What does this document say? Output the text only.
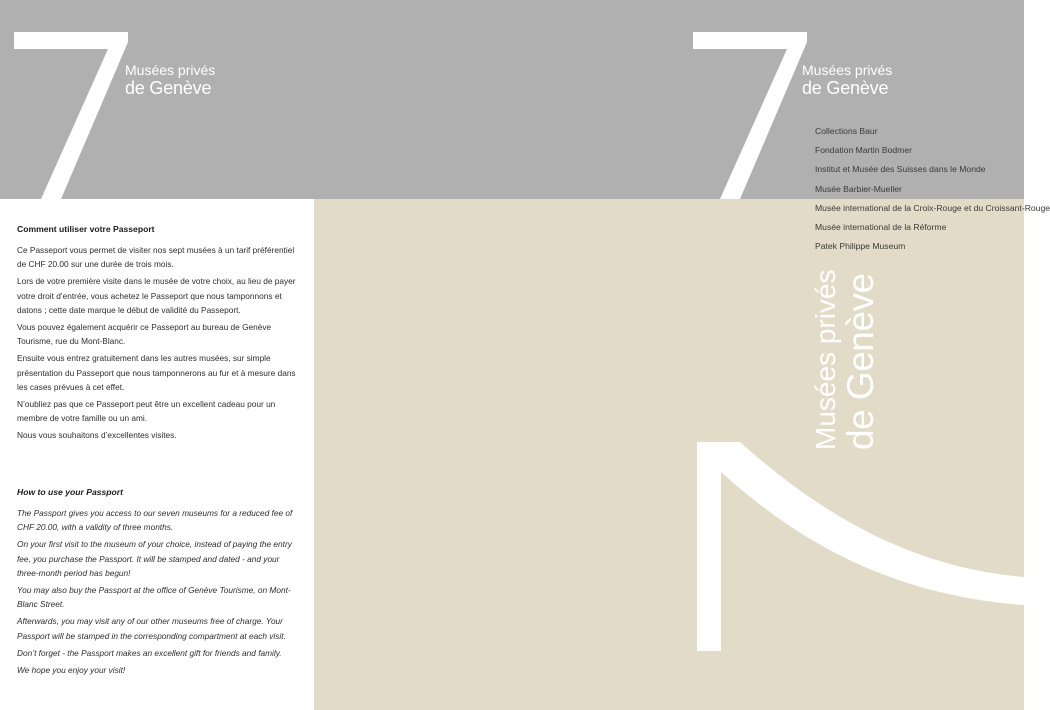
Musées privés
de Genève
Musées privés
de Genève
Collections Baur
Fondation Martin Bodmer
Institut et Musée des Suisses dans le Monde
Musée Barbier-Mueller
Musée international de la Croix-Rouge et du Croissant-Rouge
Musée international de la Réforme
Patek Philippe Museum
Musées privés de Genève
Comment utiliser votre Passeport

Ce Passeport vous permet de visiter nos sept musées à un tarif préférentiel de CHF 20.00 sur une durée de trois mois.

Lors de votre première visite dans le musée de votre choix, au lieu de payer votre droit d’entrée, vous achetez le Passeport que nous tamponnons et datons ; cette date marque le début de validité du Passeport.

Vous pouvez également acquérir ce Passeport au bureau de Genève Tourisme, rue du Mont-Blanc.

Ensuite vous entrez gratuitement dans les autres musées, sur simple présentation du Passeport que nous tamponnerons au fur et à mesure dans les cases prévues à cet effet.

N’oubliez pas que ce Passeport peut être un excellent cadeau pour un membre de votre famille ou un ami.

Nous vous souhaitons d’excellentes visites.

How to use your Passport

The Passport gives you access to our seven museums for a reduced fee of CHF 20.00, with a validity of three months.

On your first visit to the museum of your choice, instead of paying the entry fee, you purchase the Passport. It will be stamped and dated - and your three-month period has begun!

You may also buy the Passport at the office of Genève Tourisme, on Mont-Blanc Street.

Afterwards, you may visit any of our other museums free of charge. Your Passport will be stamped in the corresponding compartment at each visit.

Don’t forget - the Passport makes an excellent gift for friends and family.

We hope you enjoy your visit!
